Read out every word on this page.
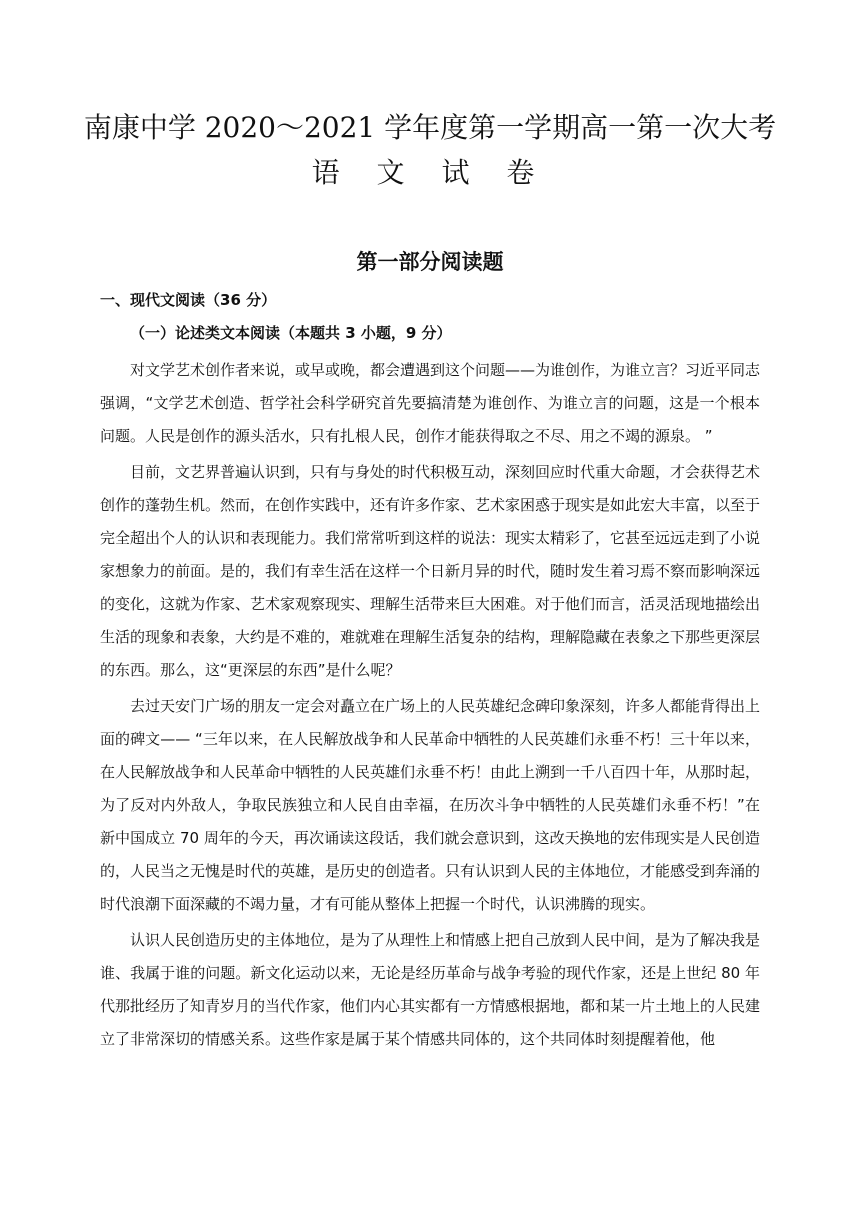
南康中学 2020～2021 学年度第一学期高一第一次大考
语 文 试 卷
第一部分阅读题
一、现代文阅读（36 分）
（一）论述类文本阅读（本题共 3 小题，9 分）

对文学艺术创作者来说，或早或晚，都会遭遇到这个问题——为谁创作，为谁立言？习近平同志强调，“文学艺术创造、哲学社会科学研究首先要搞清楚为谁创作、为谁立言的问题，这是一个根本问题。人民是创作的源头活水，只有扎根人民，创作才能获得取之不尽、用之不竭的源泉。 ”

目前，文艺界普遍认识到，只有与身处的时代积极互动，深刻回应时代重大命题，才会获得艺术创作的蓬勃生机。然而，在创作实践中，还有许多作家、艺术家困惑于现实是如此宏大丰富，以至于完全超出个人的认识和表现能力。我们常常听到这样的说法：现实太精彩了，它甚至远远走到了小说家想象力的前面。是的，我们有幸生活在这样一个日新月异的时代，随时发生着习焉不察而影响深远的变化，这就为作家、艺术家观察现实、理解生活带来巨大困难。对于他们而言，活灵活现地描绘出生活的现象和表象，大约是不难的，难就难在理解生活复杂的结构，理解隐藏在表象之下那些更深层的东西。那么，这“更深层的东西”是什么呢？

去过天安门广场的朋友一定会对矗立在广场上的人民英雄纪念碑印象深刻，许多人都能背得出上面的碑文—— “三年以来，在人民解放战争和人民革命中牺牲的人民英雄们永垂不朽！三十年以来，在人民解放战争和人民革命中牺牲的人民英雄们永垂不朽！由此上溯到一千八百四十年，从那时起，为了反对内外敌人，争取民族独立和人民自由幸福，在历次斗争中牺牲的人民英雄们永垂不朽！”在新中国成立 70 周年的今天，再次诵读这段话，我们就会意识到，这改天换地的宏伟现实是人民创造的，人民当之无愧是时代的英雄，是历史的创造者。只有认识到人民的主体地位，才能感受到奔涌的时代浪潮下面深藏的不竭力量，才有可能从整体上把握一个时代，认识沸腾的现实。

认识人民创造历史的主体地位，是为了从理性上和情感上把自己放到人民中间，是为了解决我是谁、我属于谁的问题。新文化运动以来，无论是经历革命与战争考验的现代作家，还是上世纪 80 年代那批经历了知青岁月的当代作家，他们内心其实都有一方情感根据地，都和某一片土地上的人民建立了非常深切的情感关系。这些作家是属于某个情感共同体的，这个共同体时刻提醒着他，他
